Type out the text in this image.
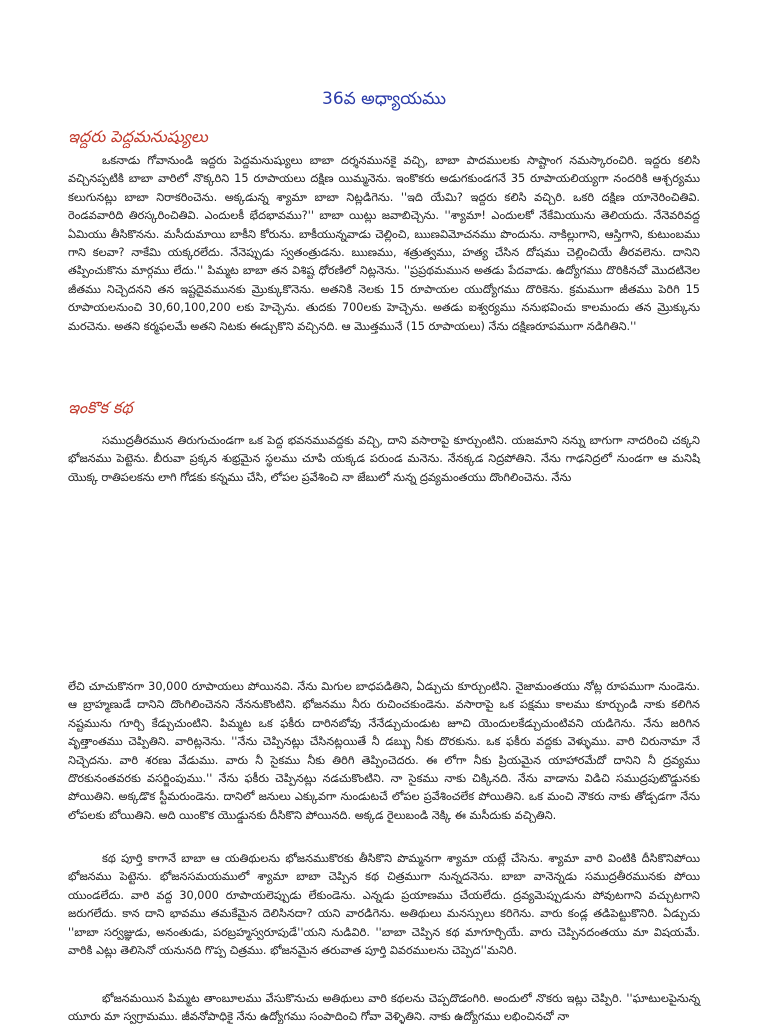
36వ అధ్యాయము
ఇద్దరు పెద్దమనుష్యులు
ఒకనాడు గోవానుండి ఇద్దరు పెద్దమనుష్యులు బాబా దర్శనమునకై వచ్చి, బాబా పాదములకు సాష్టాంగ నమస్కారంచిరి. ఇద్దరు కలిసి వచ్చినప్పటికి బాబా వారిలో నొక్కరిని 15 రూపాయలు దక్షిణ యిమ్మనెను. ఇంకొకరు అడుగకుండగనే 35 రూపాయలియ్యగా నందరికి ఆశ్చర్యము కలుగునట్లు బాబా నిరాకరించెను. అక్కడున్న శ్యామా బాబా నిట్లడిగెను. ''ఇది యేమి? ఇద్దరు కలిసి వచ్చిరి. ఒకరి దక్షిణ యానెరించితివి. రెండవవారిది తిరస్కరించితివి. ఎందులకీ భేదభావము?'' బాబా యిట్లు జవాబిచ్చెను. ''శ్యామా! ఎందులకో నేకేమియును తెలియదు. నేనెవరివద్ద ఏమియు తీసికొనను. మసీదుమాయి బాకీని కోరును. బాకీయున్నవాడు చెల్లించి, ఋణవిమోచనము పొందును. నాకిల్లుగాని, ఆస్తిగాని, కుటుంబము గాని కలవా? నాకేమి యక్కరలేదు. నేనెప్పుడు స్వతంత్రుడను. ఋణము, శత్రుత్వము, హత్య చేసిన దోషము చెల్లించియే తీరవలెను. దానిని తప్పించుకొను మార్గము లేదు.'' పిమ్మట బాబా తన విశిష్ట ధోరణిలో నిట్లనెను. ''ప్రప్రథమమున అతడు పేదవాడు. ఉద్యోగము దొరికినచో మొదటినెల జీతము నిచ్చెదనని తన ఇష్టదైవమునకు మ్రొక్కుకొనెను. అతనికి నెలకు 15 రూపాయల యుద్యోగము దొరికెను. క్రమముగా జీతము పెరిగి 15 రూపాయలనుంచి 30,60,100,200 లకు హెచ్చెను. తుదకు 700లకు హెచ్చెను. అతడు ఐశ్వర్యము ననుభవించు కాలమందు తన మ్రొక్కును మరచెను. అతని కర్మఫలమే అతని నిటకు ఈడ్చుకొని వచ్చినది. ఆ మొత్తమునే (15 రూపాయలు) నేను దక్షిణరూపముగా నడిగితిని.''
ఇంకొక కథ
సముద్రతీరమున తిరుగుచుండగా ఒక పెద్ద భవనమువద్దకు వచ్చి, దాని వసారాపై కూర్చుంటిని. యజమాని నన్ను బాగుగా నాదరించి చక్కని భోజనము పెట్టెను. బీరువా ప్రక్కన శుభ్రమైన స్థలము చూపి యక్కడ పరుండ మనెను. నేనక్కడ నిద్రపోతిని. నేను గాఢనిద్రలో నుండగా ఆ మనిషి యొక్క రాతిపలకను లాగి గోడకు కన్నము చేసి, లోపల ప్రవేశించి నా జేబులో నున్న ద్రవ్యమంతయు దొంగిలించెను. నేను
లేచి చూచుకొనగా 30,000 రూపాయలు పోయినవి. నేను మిగుల బాధపడితిని, ఏడ్చుచు కూర్చుంటిని. నైజామంతయు నోట్ల రూపముగా నుండెను. ఆ బ్రాహ్మణుడే దానిని దొంగిలించెనని నేననుకొంటిని. భోజనము నీరు రుచించకుండెను. వసారాపై ఒక పక్షము కాలము కూర్చుండి నాకు కలిగిన నష్టమును గూర్చి కేడ్చుచుంటిని. పిమ్మట ఒక ఫకీరు దారినబోవు నేనేడ్చుచుండుట జూచి యెందులకేడ్చుచుంటివని యడిగెను. నేను జరిగిన వృత్తాంతము చెప్పితిని. వారిట్లనెను. ''నేను చెప్పినట్లు చేసినట్లయితే నీ డబ్బు నీకు దొరకును. ఒక ఫకీరు వద్దకు వెళ్ళుము. వారి చిరునామా నే నిచ్చెదను. వారి శరణు వేడుము. వారు నీ సైకము నీకు తిరిగి తెప్పించెదరు. ఈ లోగా నీకు ప్రియమైన యాహారమేదో దానిని నీ ద్రవ్యము దొరకునంతవరకు వసర్జింపుము.'' నేను ఫకీరు చెప్పినట్లు నడచుకొంటిని. నా సైకము నాకు చిక్కినది. నేను వాడాను విడిచి సముద్రపుటొడ్డునకు పోయితిని. అక్కడొక స్టీమరుండెను. దానిలో జనులు ఎక్కువగా నుండుటచే లోపల ప్రవేశించలేక పోయితిని. ఒక మంచి నౌకరు నాకు తోడ్పడగా నేను లోపలకు బోయితిని. అది యింకొక యొడ్డునకు దీసికొని పోయినది. అక్కడ రైలుబండి నెక్కి ఈ మసీదుకు వచ్చితిని.
కథ పూర్తి కాగానే బాబా ఆ యతిథులను భోజనముకొరకు తీసికొని పొమ్మనగా శ్యామా యట్లే చేసెను. శ్యామా వారి వింటికి దీసికొనిపోయి భోజనము పెట్టెను. భోజనసమయములో శ్యామా బాబా చెప్పిన కథ చిత్రముగా నున్నదనెను. బాబా వానెన్నడు సముద్రతీరమునకు పోయి యుండలేదు. వారి వద్ద 30,000 రూపాయలెప్పుడు లేకుండెను. ఎన్నడు ప్రయాణము చేయలేదు. ద్రవ్యమెప్పుడును పోవుటగాని వచ్చుటగాని జరుగలేదు. కాన దాని భావము తమకేమైన దెలిసినదా? యని వారడిగెను. అతిథులు మనస్సులు కరిగెను. వారు కండ్ల తడిపెట్టుకొనిరి. ఏడ్చుచు ''బాబా సర్వజ్ఞుడు, అనంతుడు, పరబ్రహ్మస్వరూపుడే''యని నుడివిరి. ''బాబా చెప్పిన కథ మాగూర్చియే. వారు చెప్పినదంతయు మా విషయమే. వారికి ఎట్లు తెలిసెనో యనునది గొప్ప చిత్రము. భోజనమైన తరువాత పూర్తి వివరములను చెప్పెద''మనిరి.
భోజనమయిన పిమ్మట తాంబూలము వేసుకొనుచు అతిథులు వారి కథలను చెప్పదొడంగిరి. అందులో నొకరు ఇట్లు చెప్పిరి. ''ఘాటులపైనున్న యూరు మా స్వగ్రామము. జీవనోపాధికై నేను ఉద్యోగము సంపాదించి గోవా వెళ్ళితిని. నాకు ఉద్యోగము లభించినచో నా
